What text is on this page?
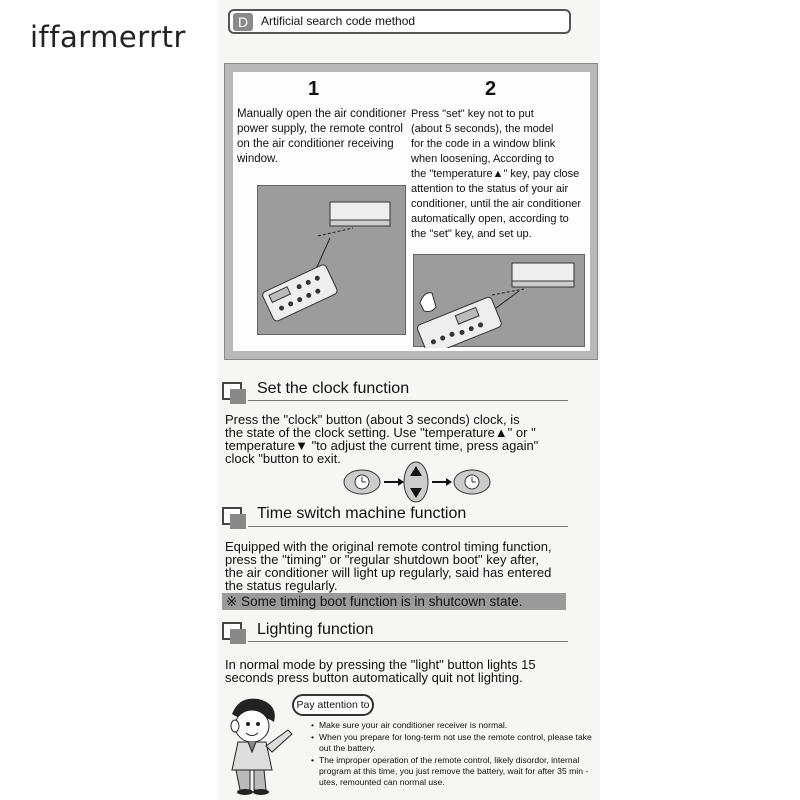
iffarmerrtr	D	Artificial search code method
1
Manually open the air conditioner
power supply, the remote control
on the air conditioner receiving
window.
2
Press "set" key not to put
(about 5 seconds), the model
for the code in a window blink
when loosening, According to
the "temperature▲" key, pay close
attention to the status of your air
conditioner, until the air conditioner
automatically open, according to
the "set" key, and set up.
Set the clock function
Press the "clock" button (about 3 seconds) clock, is
the state of the clock setting. Use "temperature▲" or "
temperature▼ "to adjust the current time, press again"
clock "button to exit.
Time switch machine function
Equipped with the original remote control timing function,
press the "timing" or "regular shutdown boot" key after,
the air conditioner will light up regularly, said has entered
the status regularly.
※ Some timing boot function is in shutcown state.
Lighting function
In normal mode by pressing the "light" button lights 15
seconds press button automatically quit not lighting.
Pay attention to
• Make sure your air conditioner receiver is normal.
• When you prepare for long-term not use the remote control, please take out the battery.
• The improper operation of the remote control, likely disordor, internal program at this time, you just remove the battery, wait for after 35 min -utes, remounted can normal use.
